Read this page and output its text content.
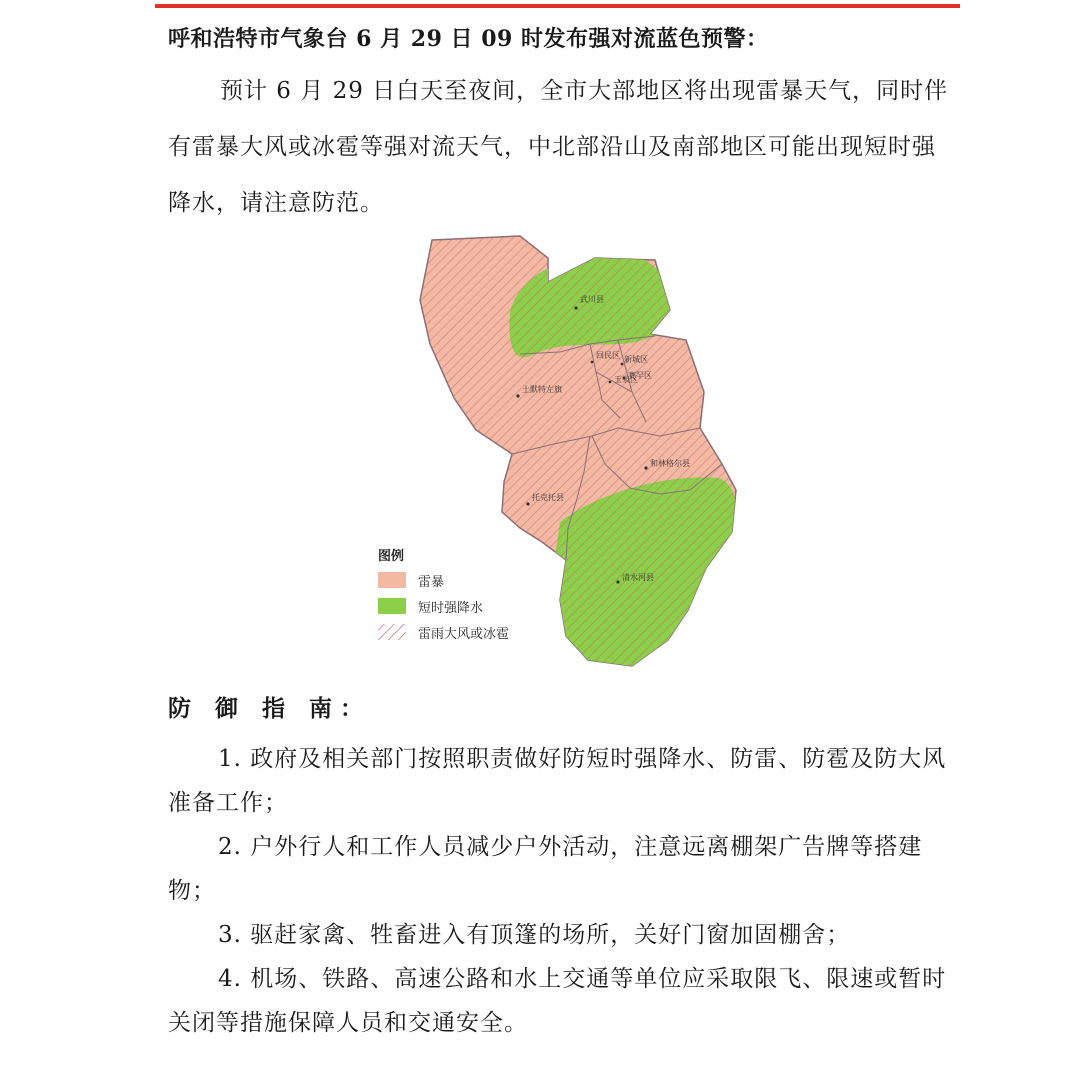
呼和浩特市气象台 6 月 29 日 09 时发布强对流蓝色预警：
预计 6 月 29 日白天至夜间，全市大部地区将出现雷暴天气，同时伴有雷暴大风或冰雹等强对流天气，中北部沿山及南部地区可能出现短时强降水，请注意防范。
武川县
回民区 新城区
赛罕区
玉泉区
土默特左旗
和林格尔县
托克托县
清水河县
图例
雷暴
短时强降水
雷雨大风或冰雹
防 御 指 南：

1. 政府及相关部门按照职责做好防短时强降水、防雷、防雹及防大风准备工作；

2. 户外行人和工作人员减少户外活动，注意远离棚架广告牌等搭建物；

3. 驱赶家禽、牲畜进入有顶篷的场所，关好门窗加固棚舍；

4. 机场、铁路、高速公路和水上交通等单位应采取限飞、限速或暂时关闭等措施保障人员和交通安全。
